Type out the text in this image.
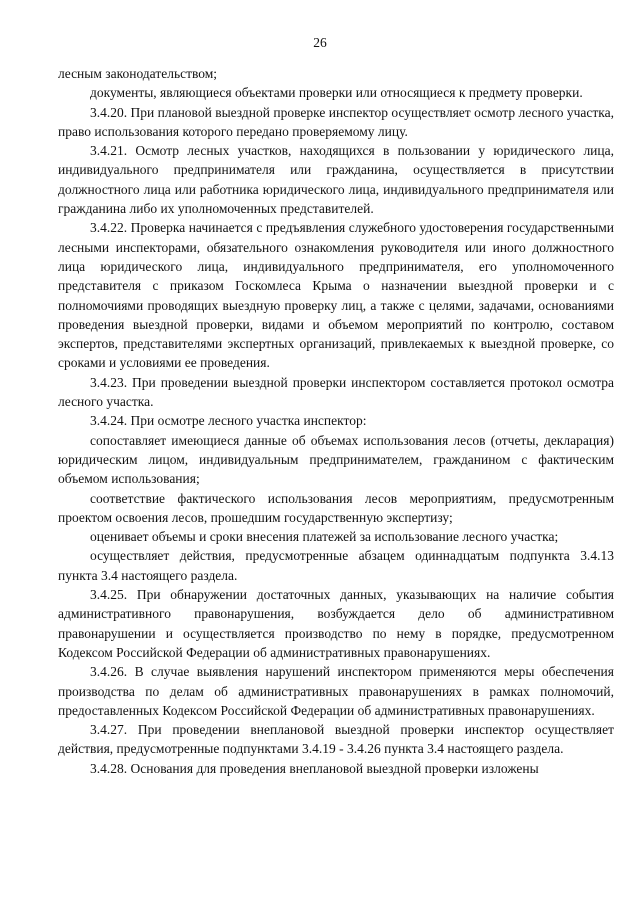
26

лесным законодательством;

документы, являющиеся объектами проверки или относящиеся к предмету проверки.

3.4.20. При плановой выездной проверке инспектор осуществляет осмотр лесного участка, право использования которого передано проверяемому лицу.

3.4.21. Осмотр лесных участков, находящихся в пользовании у юридического лица, индивидуального предпринимателя или гражданина, осуществляется в присутствии должностного лица или работника юридического лица, индивидуального предпринимателя или гражданина либо их уполномоченных представителей.

3.4.22. Проверка начинается с предъявления служебного удостоверения государственными лесными инспекторами, обязательного ознакомления руководителя или иного должностного лица юридического лица, индивидуального предпринимателя, его уполномоченного представителя с приказом Госкомлеса Крыма о назначении выездной проверки и с полномочиями проводящих выездную проверку лиц, а также с целями, задачами, основаниями проведения выездной проверки, видами и объемом мероприятий по контролю, составом экспертов, представителями экспертных организаций, привлекаемых к выездной проверке, со сроками и условиями ее проведения.

3.4.23. При проведении выездной проверки инспектором составляется протокол осмотра лесного участка.

3.4.24. При осмотре лесного участка инспектор:

сопоставляет имеющиеся данные об объемах использования лесов (отчеты, декларация) юридическим лицом, индивидуальным предпринимателем, гражданином с фактическим объемом использования;

соответствие фактического использования лесов мероприятиям, предусмотренным проектом освоения лесов, прошедшим государственную экспертизу;

оценивает объемы и сроки внесения платежей за использование лесного участка;

осуществляет действия, предусмотренные абзацем одиннадцатым подпункта 3.4.13 пункта 3.4 настоящего раздела.

3.4.25. При обнаружении достаточных данных, указывающих на наличие события административного правонарушения, возбуждается дело об административном правонарушении и осуществляется производство по нему в порядке, предусмотренном Кодексом Российской Федерации об административных правонарушениях.

3.4.26. В случае выявления нарушений инспектором применяются меры обеспечения производства по делам об административных правонарушениях в рамках полномочий, предоставленных Кодексом Российской Федерации об административных правонарушениях.

3.4.27. При проведении внеплановой выездной проверки инспектор осуществляет действия, предусмотренные подпунктами 3.4.19 - 3.4.26 пункта 3.4 настоящего раздела.

3.4.28. Основания для проведения внеплановой выездной проверки изложены
